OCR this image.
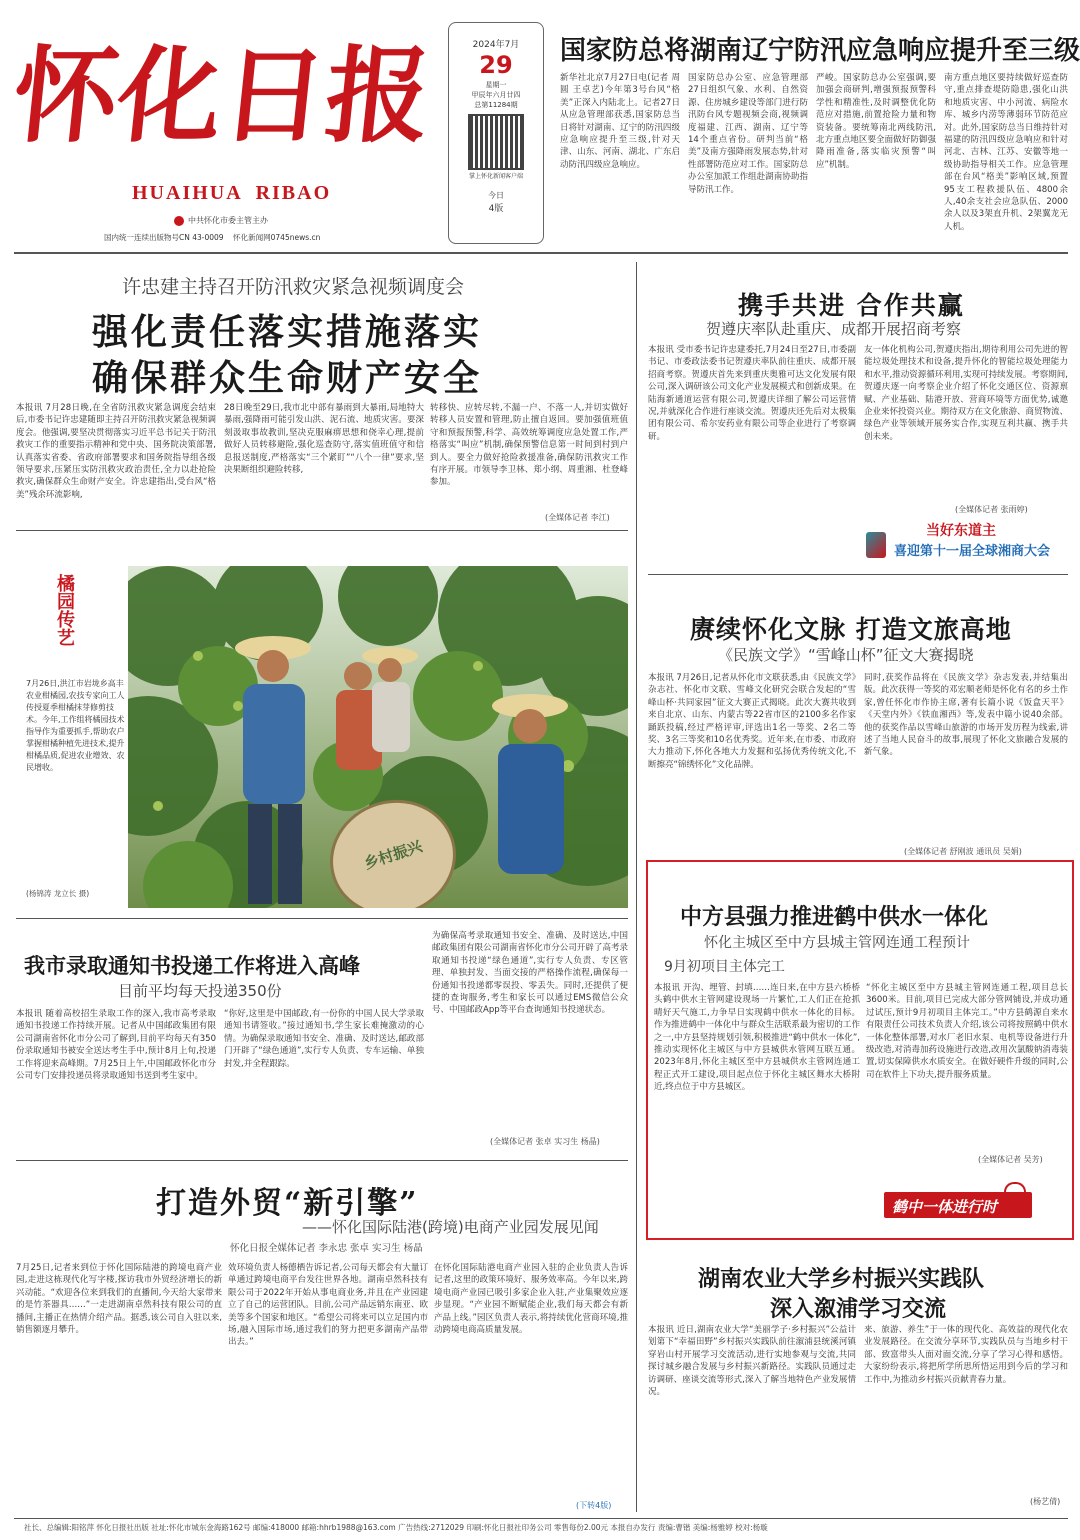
怀化日报
HUAIHUA  RIBAO
中共怀化市委主管主办
国内统一连续出版物号CN 43-0009 怀化新闻网0745news.cn
2024年7月
29
星期一
甲辰年六月廿四
总第11284期
掌上怀化新闻客户端
今日
4版
国家防总将湖南辽宁防汛应急响应提升至三级
新华社北京7月27日电(记者 周圆 王卓艺)今年第3号台风“格美”正深入内陆北上。记者27日从应急管理部获悉,国家防总当日将针对湖南、辽宁的防汛四级应急响应提升至三级,针对天津、山东、河南、湖北、广东启动防汛四级应急响应。
国家防总办公室、应急管理部27日组织气象、水利、自然资源、住房城乡建设等部门进行防汛防台风专题视频会商,视频调度福建、江西、湖南、辽宁等14个重点省份。研判当前“格美”及南方强降雨发展态势,针对性部署防范应对工作。国家防总办公室加派工作组赴湖南协助指导防汛工作。
严峻。国家防总办公室强调,要加强会商研判,增强预报预警科学性和精准性,及时调整优化防范应对措施,前置抢险力量和物资装备。要统筹南北两线防汛,北方重点地区要全面做好防御强降雨准备,落实临灾预警“叫应”机制。
南方重点地区要持续做好巡查防守,重点排查堤防隐患,强化山洪和地质灾害、中小河流、病险水库、城乡内涝等薄弱环节防范应对。此外,国家防总当日维持针对福建的防汛四级应急响应和针对河北、吉林、江苏、安徽等地一级协助指导相关工作。应急管理部在台风“格美”影响区域,预置95支工程救援队伍、4800余人,40余支社会应急队伍、2000余人以及3架直升机、2架翼龙无人机。
许忠建主持召开防汛救灾紧急视频调度会
强化责任落实措施落实
确保群众生命财产安全
本报讯 7月28日晚,在全省防汛救灾紧急调度会结束后,市委书记许忠建随即主持召开防汛救灾紧急视频调度会。他强调,要坚决贯彻落实习近平总书记关于防汛救灾工作的重要指示精神和党中央、国务院决策部署,认真落实省委、省政府部署要求和国务院指导组各级领导要求,压紧压实防汛救灾政治责任,全力以赴抢险救灾,确保群众生命财产安全。许忠建指出,受台风“格美”残余环流影响,
28日晚至29日,我市北中部有暴雨到大暴雨,局地特大暴雨,强降雨可能引发山洪、泥石流、地质灾害。要深刻汲取事故教训,坚决克服麻痹思想和侥幸心理,提前做好人员转移避险,强化巡查防守,落实值班值守和信息报送制度,严格落实“三个紧盯”“八个一律”要求,坚决果断组织避险转移,
转移快、应转尽转,不漏一户、不落一人,并切实做好转移人员安置和管理,防止擅自返回。要加强值班值守和预报预警,科学、高效统筹调度应急处置工作,严格落实“叫应”机制,确保预警信息第一时间到村到户到人。要全力做好抢险救援准备,确保防汛救灾工作有序开展。市领导李卫林、郑小纲、周重湘、杜登峰参加。
(全媒体记者 李江)
橘园传艺
7月26日,洪江市岩垅乡高丰农业柑橘园,农技专家向工人传授夏季柑橘抹芽修剪技术。今年,工作组将橘园技术指导作为重要抓手,帮助农户掌握柑橘种植先进技术,提升柑橘品质,促进农业增效、农民增收。
(杨锦涛 龙立长 摄)
乡村振兴
我市录取通知书投递工作将进入高峰
目前平均每天投递350份
本报讯 随着高校招生录取工作的深入,我市高考录取通知书投递工作持续开展。记者从中国邮政集团有限公司湖南省怀化市分公司了解到,目前平均每天有350份录取通知书被安全送达考生手中,预计8月上旬,投递工作将迎来高峰期。7月25日上午,中国邮政怀化市分公司专门安排投递员将录取通知书送到考生家中。
“你好,这里是中国邮政,有一份你的中国人民大学录取通知书请签收。”接过通知书,学生家长难掩激动的心情。为确保录取通知书安全、准确、及时送达,邮政部门开辟了“绿色通道”,实行专人负责、专车运输、单独封发,并全程跟踪。
为确保高考录取通知书安全、准确、及时送达,中国邮政集团有限公司湖南省怀化市分公司开辟了高考录取通知书投递“绿色通道”,实行专人负责、专区管理、单独封发、当面交接的严格操作流程,确保每一份通知书投递都零误投、零丢失。同时,还提供了便捷的查询服务,考生和家长可以通过EMS微信公众号、中国邮政App等平台查询通知书投递状态。
(全媒体记者 张卓 实习生 杨晶)
打造外贸“新引擎”
——怀化国际陆港(跨境)电商产业园发展见闻
怀化日报全媒体记者 李永忠 张卓 实习生 杨晶
7月25日,记者来到位于怀化国际陆港的跨境电商产业园,走进这栋现代化写字楼,探访我市外贸经济增长的新兴动能。“欢迎各位来到我们的直播间,今天给大家带来的是竹茶器具……”一走进湖南卓然科技有限公司的直播间,主播正在热情介绍产品。据悉,该公司自入驻以来,销售额逐月攀升。
效环境负责人杨德栖告诉记者,公司每天都会有大量订单通过跨境电商平台发往世界各地。湖南卓然科技有限公司于2022年开始从事电商业务,并且在产业园建立了自己的运营团队。目前,公司产品远销东南亚、欧美等多个国家和地区。“希望公司将来可以立足国内市场,融入国际市场,通过我们的努力把更多湖南产品带出去。”
在怀化国际陆港电商产业园入驻的企业负责人告诉记者,这里的政策环境好、服务效率高。今年以来,跨境电商产业园已吸引多家企业入驻,产业集聚效应逐步显现。“产业园不断赋能企业,我们每天都会有新产品上线。”园区负责人表示,将持续优化营商环境,推动跨境电商高质量发展。
(下转4版)
携手共进 合作共赢
贺遵庆率队赴重庆、成都开展招商考察
本报讯 受市委书记许忠建委托,7月24日至27日,市委副书记、市委政法委书记贺遵庆率队前往重庆、成都开展招商考察。贺遵庆首先来到重庆奥雅可达文化发展有限公司,深入调研该公司文化产业发展模式和创新成果。在陆海新通道运营有限公司,贺遵庆详细了解公司运营情况,并就深化合作进行座谈交流。贺遵庆还先后对太极集团有限公司、希尔安药业有限公司等企业进行了考察调研。
友一体化机构公司,贺遵庆指出,期待利用公司先进的智能垃圾处理技术和设备,提升怀化的智能垃圾处理能力和水平,推动资源循环利用,实现可持续发展。考察期间,贺遵庆逐一向考察企业介绍了怀化交通区位、资源禀赋、产业基础、陆港开放、营商环境等方面优势,诚邀企业来怀投资兴业。期待双方在文化旅游、商贸物流、绿色产业等领域开展务实合作,实现互利共赢、携手共创未来。
(全媒体记者 张雨婷)
当好东道主
喜迎第十一届全球湘商大会
赓续怀化文脉 打造文旅高地
《民族文学》“雪峰山杯”征文大赛揭晓
本报讯 7月26日,记者从怀化市文联获悉,由《民族文学》杂志社、怀化市文联、雪峰文化研究会联合发起的“雪峰山杯·共同家园”征文大赛正式揭晓。此次大赛共收到来自北京、山东、内蒙古等22省市区的2100多名作家踊跃投稿,经过严格评审,评选出1名一等奖、2名二等奖、3名三等奖和10名优秀奖。近年来,在市委、市政府大力推动下,怀化各地大力发掘和弘扬优秀传统文化,不断擦亮“锦绣怀化”文化品牌。
同时,获奖作品将在《民族文学》杂志发表,并结集出版。此次获得一等奖的邓宏顺老师是怀化有名的乡土作家,曾任怀化市作协主席,著有长篇小说《饭盒天平》《天堂内外》《铁血湘西》等,发表中篇小说40余部。他的获奖作品以雪峰山旅游的市场开发历程为线索,讲述了当地人民奋斗的故事,展现了怀化文旅融合发展的新气象。
(全媒体记者 舒刚波 通讯员 吴娟)
中方县强力推进鹤中供水一体化
怀化主城区至中方县城主管网连通工程预计
9月初项目主体完工
本报讯 开沟、埋管、封填……连日来,在中方县六桥桥头鹤中供水主管网建设现场一片繁忙,工人们正在抢抓晴好天气施工,力争早日实现鹤中供水一体化的目标。作为推进鹤中一体化中与群众生活联系最为密切的工作之一,中方县坚持规划引领,积极推进“鹤中供水一体化”,推动实现怀化主城区与中方县城供水管网互联互通。2023年8月,怀化主城区至中方县城供水主管网连通工程正式开工建设,项目起点位于怀化主城区舞水大桥附近,终点位于中方县城区。
“怀化主城区至中方县城主管网连通工程,项目总长3600米。目前,项目已完成大部分管网铺设,并成功通过试压,预计9月初项目主体完工。”中方县鹤源自来水有限责任公司技术负责人介绍,该公司将按照鹤中供水一体化整体部署,对水厂老旧水泵、电机等设备进行升级改造,对消毒加药设施进行改造,改用次氯酸钠消毒装置,切实保障供水水质安全。在做好硬件升级的同时,公司在软件上下功夫,提升服务质量。
(全媒体记者 吴芳)
鹤中一体进行时
湖南农业大学乡村振兴实践队
深入溆浦学习交流
本报讯 近日,湖南农业大学“美丽学子·乡村振兴”公益计划第下“幸福田野”乡村振兴实践队前往溆浦县统溪河镇穿岩山村开展学习交流活动,进行实地参观与交流,共同探讨城乡融合发展与乡村振兴新路径。实践队员通过走访调研、座谈交流等形式,深入了解当地特色产业发展情况。
来、旅游、养生”于一体的现代化、高效益的现代化农业发展路径。在交流分享环节,实践队员与当地乡村干部、致富带头人面对面交流,分享了学习心得和感悟。大家纷纷表示,将把所学所思所悟运用到今后的学习和工作中,为推动乡村振兴贡献青春力量。
(杨艺倩)
社长、总编辑:阳铭萍 怀化日报社出版 社址:怀化市城东金海路162号 邮编:418000 邮箱:hhrb1988@163.com 广告热线:2712029 印刷:怀化日报社印务公司 零售每份2.00元 本报自办发行 责编:曹锴 美编:杨雅婷 校对:杨璇
